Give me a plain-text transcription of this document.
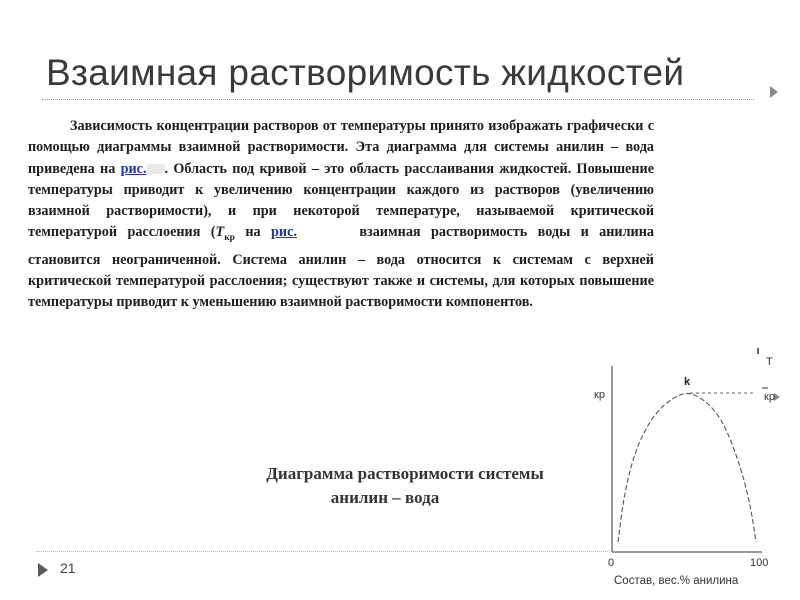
Взаимная растворимость жидкостей
Зависимость концентрации растворов от температуры принято изображать графически с помощью диаграммы взаимной растворимости. Эта диаграмма для системы анилин – вода приведена на рис. . Область под кривой – это область расслаивания жидкостей. Повышение температуры приводит к увеличению концентрации каждого из растворов (увеличению взаимной растворимости), и при некоторой температуре, называемой критической температурой расслоения ($T_{кр}$ на рис.	взаимная растворимость воды и анилина становится неограниченной. Система анилин – вода относится к системам с верхней критической температурой расслоения; существуют также и системы, для которых повышение температуры приводит к уменьшению взаимной растворимости компонентов.
Диаграмма растворимости системы
анилин – вода
T
кр	кр
k
0	100
Состав, вес.% анилина
21
